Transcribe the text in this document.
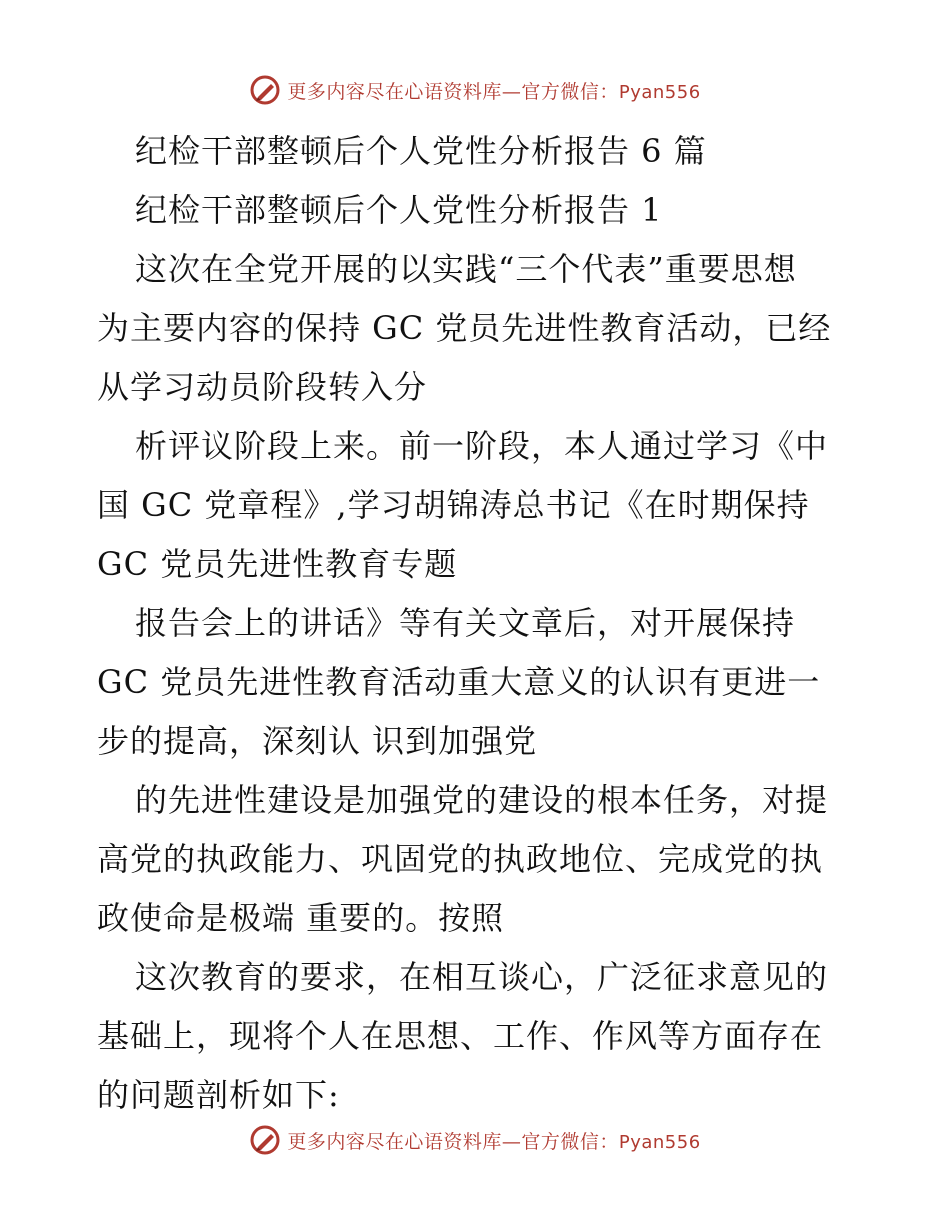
更多内容尽在心语资料库—官方微信：Pyan556
纪检干部整顿后个人党性分析报告 6 篇
纪检干部整顿后个人党性分析报告 1
这次在全党开展的以实践“三个代表”重要思想
为主要内容的保持 GC 党员先进性教育活动，已经
从学习动员阶段转入分
析评议阶段上来。前一阶段，本人通过学习《中
国 GC 党章程》,学习胡锦涛总书记《在时期保持
GC 党员先进性教育专题
报告会上的讲话》等有关文章后，对开展保持
GC 党员先进性教育活动重大意义的认识有更进一
步的提高，深刻认 识到加强党
的先进性建设是加强党的建设的根本任务，对提
高党的执政能力、巩固党的执政地位、完成党的执
政使命是极端 重要的。按照
这次教育的要求，在相互谈心，广泛征求意见的
基础上，现将个人在思想、工作、作风等方面存在
的问题剖析如下:
更多内容尽在心语资料库—官方微信：Pyan556
